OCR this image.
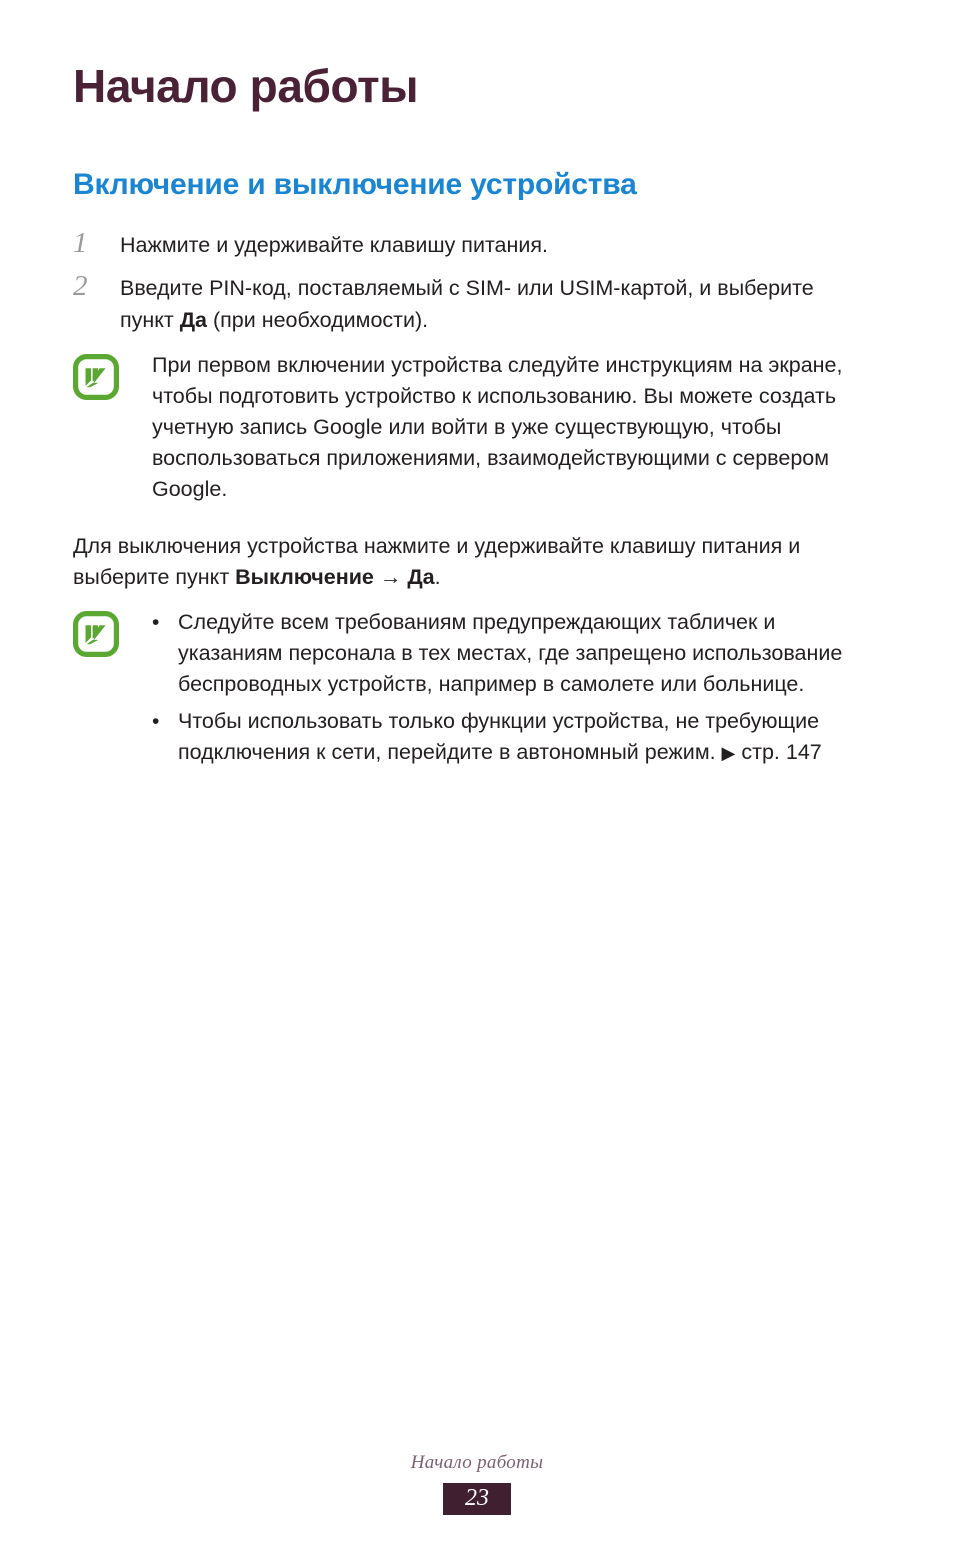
Начало работы
Включение и выключение устройства
1	Нажмите и удерживайте клавишу питания.
2	Введите PIN-код, поставляемый с SIM- или USIM-картой, и выберите пункт Да (при необходимости).

При первом включении устройства следуйте инструкциям на экране, чтобы подготовить устройство к использованию. Вы можете создать учетную запись Google или войти в уже существующую, чтобы воспользоваться приложениями, взаимодействующими с сервером Google.

Для выключения устройства нажмите и удерживайте клавишу питания и выберите пункт Выключение → Да.

• Следуйте всем требованиям предупреждающих табличек и указаниям персонала в тех местах, где запрещено использование беспроводных устройств, например в самолете или больнице.
• Чтобы использовать только функции устройства, не требующие подключения к сети, перейдите в автономный режим. ▶ стр. 147
Начало работы
23
